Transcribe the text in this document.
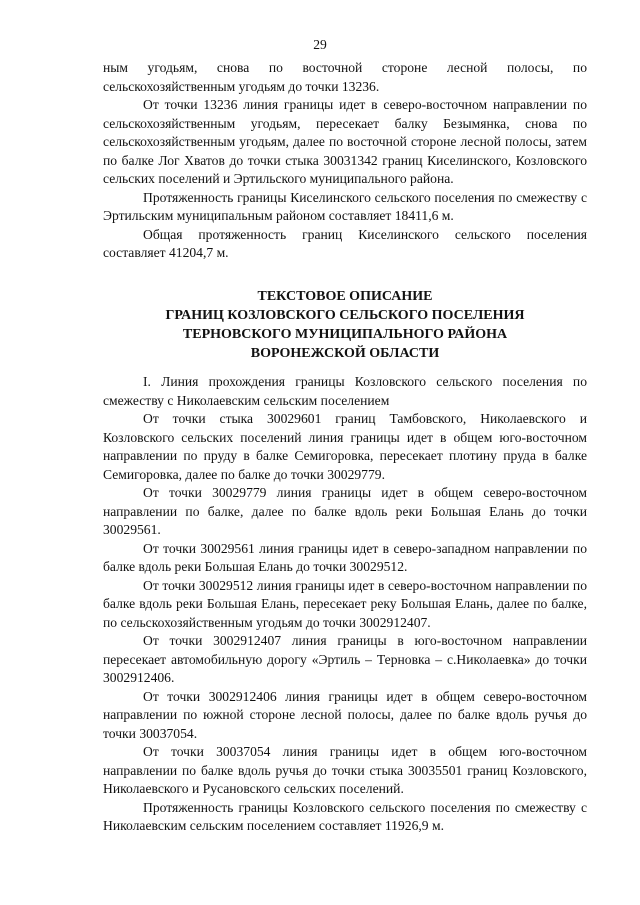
29

ным угодьям, снова по восточной стороне лесной полосы, по сельскохозяйственным угодьям до точки 13236.

От точки 13236 линия границы идет в северо-восточном направлении по сельскохозяйственным угодьям, пересекает балку Безымянка, снова по сельскохозяйственным угодьям, далее по восточной стороне лесной полосы, затем по балке Лог Хватов до точки стыка 30031342 границ Киселинского, Козловского сельских поселений и Эртильского муниципального района.

Протяженность границы Киселинского сельского поселения по смежеству с Эртильским муниципальным районом составляет 18411,6 м.

Общая протяженность границ Киселинского сельского поселения составляет 41204,7 м.

ТЕКСТОВОЕ ОПИСАНИЕ
ГРАНИЦ КОЗЛОВСКОГО СЕЛЬСКОГО ПОСЕЛЕНИЯ
ТЕРНОВСКОГО МУНИЦИПАЛЬНОГО РАЙОНА
ВОРОНЕЖСКОЙ ОБЛАСТИ

I. Линия прохождения границы Козловского сельского поселения по смежеству с Николаевским сельским поселением

От точки стыка 30029601 границ Тамбовского, Николаевского и Козловского сельских поселений линия границы идет в общем юго-восточном направлении по пруду в балке Семигоровка, пересекает плотину пруда в балке Семигоровка, далее по балке до точки 30029779.

От точки 30029779 линия границы идет в общем северо-восточном направлении по балке, далее по балке вдоль реки Большая Елань до точки 30029561.

От точки 30029561 линия границы идет в северо-западном направлении по балке вдоль реки Большая Елань до точки 30029512.

От точки 30029512 линия границы идет в северо-восточном направлении по балке вдоль реки Большая Елань, пересекает реку Большая Елань, далее по балке, по сельскохозяйственным угодьям до точки 3002912407.

От точки 3002912407 линия границы в юго-восточном направлении пересекает автомобильную дорогу «Эртиль – Терновка – с.Николаевка» до точки 3002912406.

От точки 3002912406 линия границы идет в общем северо-восточном направлении по южной стороне лесной полосы, далее по балке вдоль ручья до точки 30037054.

От точки 30037054 линия границы идет в общем юго-восточном направлении по балке вдоль ручья до точки стыка 30035501 границ Козловского, Николаевского и Русановского сельских поселений.

Протяженность границы Козловского сельского поселения по смежеству с Николаевским сельским поселением составляет 11926,9 м.
